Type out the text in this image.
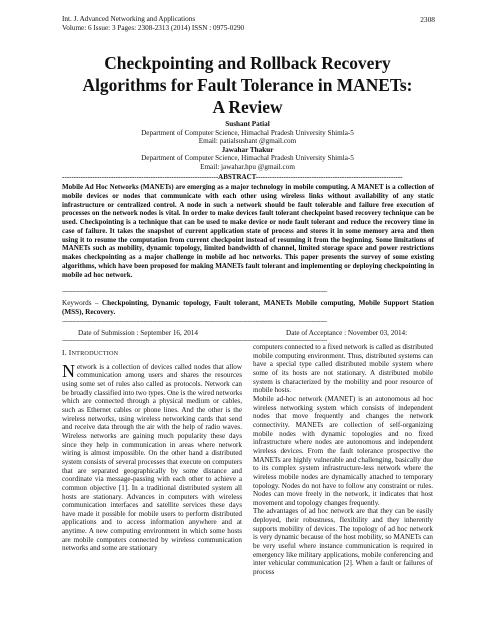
Int. J. Advanced Networking and Applications
Volume: 6 Issue: 3 Pages: 2308-2313 (2014) ISSN : 0975-0290
2308
Checkpointing and Rollback Recovery
Algorithms for Fault Tolerance in MANETs:
A Review
Sushant Patial
Department of Computer Science, Himachal Pradesh University Shimla-5
Email: patialsushant @gmail.com
Jawahar Thakur
Department of Computer Science, Himachal Pradesh University Shimla-5
Email: jawahar.hpu @gmail.com
-------------------------------------------------------------------ABSTRACT---------------------------------------------------------------
Mobile Ad Hoc Networks (MANETs) are emerging as a major technology in mobile computing. A MANET is a collection of mobile devices or nodes that communicate with each other using wireless links without availability of any static infrastructure or centralized control. A node in such a network should be fault tolerable and failure free execution of processes on the network nodes is vital. In order to make devices fault tolerant checkpoint based recovery technique can be used. Checkpointing is a technique that can be used to make device or node fault tolerant and reduce the recovery time in case of failure. It takes the snapshot of current application state of process and stores it in some memory area and then using it to resume the computation from current checkpoint instead of resuming it from the beginning. Some limitations of MANETs such as mobility, dynamic topology, limited bandwidth of channel, limited storage space and power restrictions makes checkpointing as a major challenge in mobile ad hoc networks. This paper presents the survey of some existing algorithms, which have been proposed for making MANETs fault tolerant and implementing or deploying checkpointing in mobile ad hoc network.
------------------------------------------------------------------------------------------------------------------------------------------------------------
Keywords – Checkpointing, Dynamic topology, Fault tolerant, MANETs Mobile computing, Mobile Support Station (MSS), Recovery.
------------------------------------------------------------------------------------------------------------------------------------------------------------
Date of Submission : September 16, 2014	Date of Acceptance : November 03, 2014:
------------------------------------------------------------------------------------------------------------------------------------------------------------
I. INTRODUCTION

Network is a collection of devices called nodes that allow communication among users and shares the resources using some set of rules also called as protocols. Network can be broadly classified into two types. One is the wired networks which are connected through a physical medium or cables, such as Ethernet cables or phone lines. And the other is the wireless networks, using wireless networking cards that send and receive data through the air with the help of radio waves. Wireless networks are gaining much popularity these days since they help in communication in areas where network wiring is almost impossible. On the other hand a distributed system consists of several processes that execute on computers that are separated geographically by some distance and coordinate via message-passing with each other to achieve a common objective [1]. In a traditional distributed system all hosts are stationary. Advances in computers with wireless communication interfaces and satellite services these days have made it possible for mobile users to perform distributed applications and to access information anywhere and at anytime. A new computing environment in which some hosts are mobile computers connected by wireless communication networks and some are stationary

computers connected to a fixed network is called as distributed mobile computing environment. Thus, distributed systems can have a special type called distributed mobile system where some of its hosts are not stationary. A distributed mobile system is characterized by the mobility and poor resource of mobile hosts.

Mobile ad-hoc network (MANET) is an autonomous ad hoc wireless networking system which consists of independent nodes that move frequently and changes the network connectivity. MANETs are collection of self-organizing mobile nodes with dynamic topologies and no fixed infrastructure where nodes are autonomous and independent wireless devices. From the fault tolerance prospective the MANETs are highly vulnerable and challenging, basically due to its complex system infrastructure-less network where the wireless mobile nodes are dynamically attached to temporary topology. Nodes do not have to follow any constraint or rules. Nodes can move freely in the network, it indicates that host movement and topology changes frequently.

The advantages of ad hoc network are that they can be easily deployed, their robustness, flexibility and they inherently supports mobility of devices. The topology of ad hoc network is very dynamic because of the host mobility, so MANETs can be very useful where instance communication is required in emergency like military applications, mobile conferencing and inter vehicular communication [2]. When a fault or failures of process
